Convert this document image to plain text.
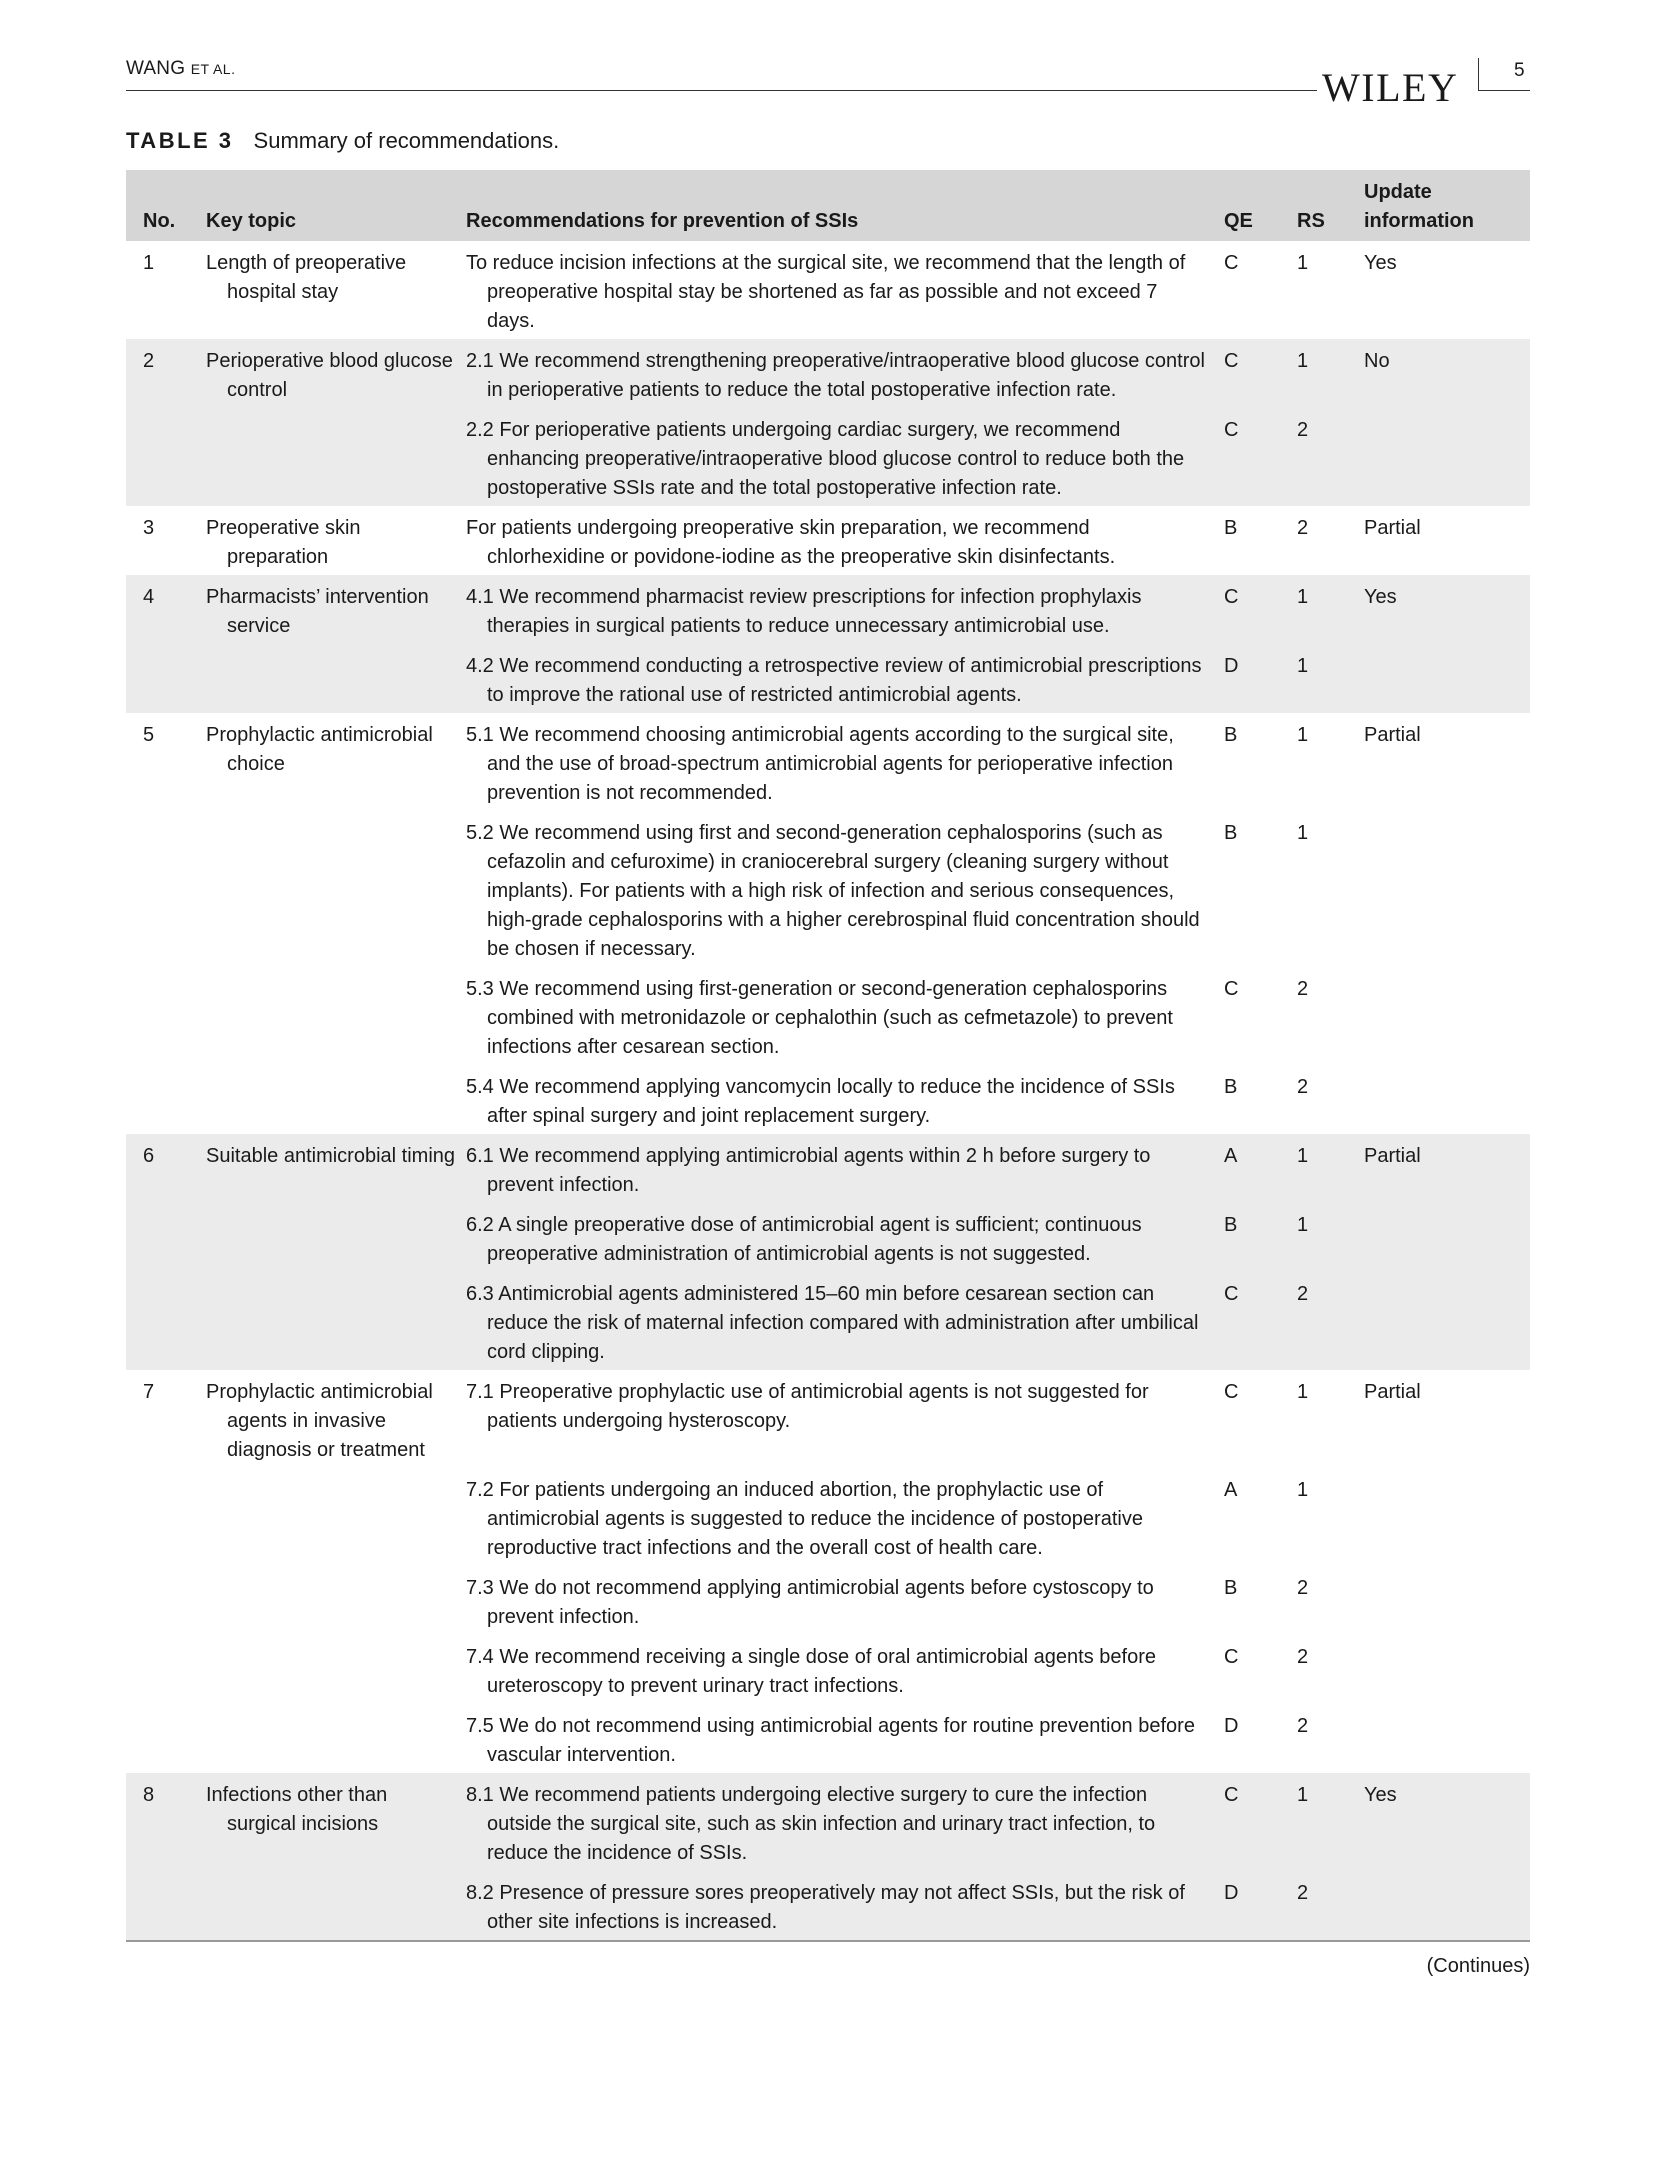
WANG ET AL.	WILEY	5
TABLE 3 Summary of recommendations.
No.	Key topic	Recommendations for prevention of SSIs	QE	RS	Update
information

1	Length of preoperative hospital stay	To reduce incision infections at the surgical site, we recommend that the length of preoperative hospital stay be shortened as far as possible and not exceed 7 days.	C	1	Yes

2	Perioperative blood glucose control	2.1 We recommend strengthening preoperative/intraoperative blood glucose control in perioperative patients to reduce the total postoperative infection rate.	C	1	No

		2.2 For perioperative patients undergoing cardiac surgery, we recommend enhancing preoperative/intraoperative blood glucose control to reduce both the postoperative SSIs rate and the total postoperative infection rate.	C	2	

3	Preoperative skin preparation	For patients undergoing preoperative skin preparation, we recommend chlorhexidine or povidone-iodine as the preoperative skin disinfectants.	B	2	Partial

4	Pharmacists’ intervention service	4.1 We recommend pharmacist review prescriptions for infection prophylaxis therapies in surgical patients to reduce unnecessary antimicrobial use.	C	1	Yes

		4.2 We recommend conducting a retrospective review of antimicrobial prescriptions to improve the rational use of restricted antimicrobial agents.	D	1	

5	Prophylactic antimicrobial choice	5.1 We recommend choosing antimicrobial agents according to the surgical site, and the use of broad-spectrum antimicrobial agents for perioperative infection prevention is not recommended.	B	1	Partial

		5.2 We recommend using first and second-generation cephalosporins (such as cefazolin and cefuroxime) in craniocerebral surgery (cleaning surgery without implants). For patients with a high risk of infection and serious consequences, high-grade cephalosporins with a higher cerebrospinal fluid concentration should be chosen if necessary.	B	1	

		5.3 We recommend using first-generation or second-generation cephalosporins combined with metronidazole or cephalothin (such as cefmetazole) to prevent infections after cesarean section.	C	2	

		5.4 We recommend applying vancomycin locally to reduce the incidence of SSIs after spinal surgery and joint replacement surgery.	B	2	

6	Suitable antimicrobial timing	6.1 We recommend applying antimicrobial agents within 2 h before surgery to prevent infection.	A	1	Partial

		6.2 A single preoperative dose of antimicrobial agent is sufficient; continuous preoperative administration of antimicrobial agents is not suggested.	B	1	

		6.3 Antimicrobial agents administered 15–60 min before cesarean section can reduce the risk of maternal infection compared with administration after umbilical cord clipping.	C	2	

7	Prophylactic antimicrobial agents in invasive diagnosis or treatment	7.1 Preoperative prophylactic use of antimicrobial agents is not suggested for patients undergoing hysteroscopy.	C	1	Partial

		7.2 For patients undergoing an induced abortion, the prophylactic use of antimicrobial agents is suggested to reduce the incidence of postoperative reproductive tract infections and the overall cost of health care.	A	1	

		7.3 We do not recommend applying antimicrobial agents before cystoscopy to prevent infection.	B	2	

		7.4 We recommend receiving a single dose of oral antimicrobial agents before ureteroscopy to prevent urinary tract infections.	C	2	

		7.5 We do not recommend using antimicrobial agents for routine prevention before vascular intervention.	D	2	

8	Infections other than surgical incisions	8.1 We recommend patients undergoing elective surgery to cure the infection outside the surgical site, such as skin infection and urinary tract infection, to reduce the incidence of SSIs.	C	1	Yes

		8.2 Presence of pressure sores preoperatively may not affect SSIs, but the risk of other site infections is increased.	D	2	

(Continues)
